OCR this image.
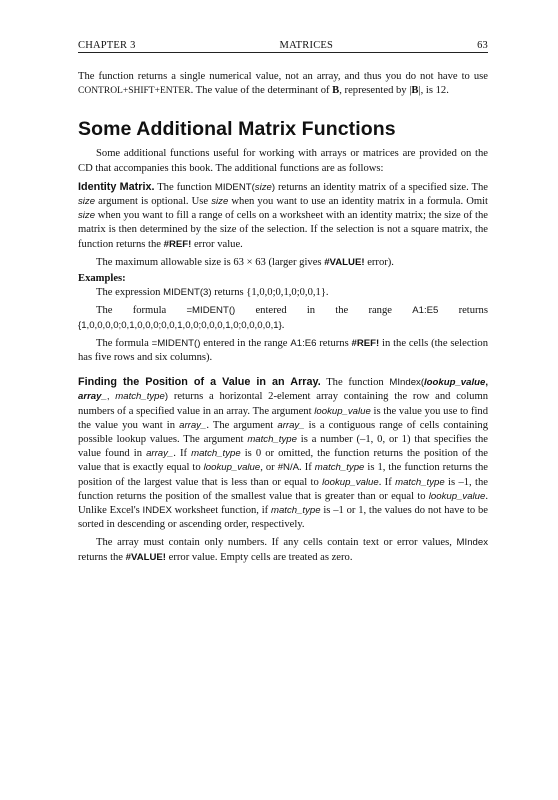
CHAPTER 3	MATRICES	63

The function returns a single numerical value, not an array, and thus you do not have to use CONTROL+SHIFT+ENTER. The value of the determinant of B, represented by |B|, is 12.

Some Additional Matrix Functions

Some additional functions useful for working with arrays or matrices are provided on the CD that accompanies this book. The additional functions are as follows:

Identity Matrix. The function MIDENT(size) returns an identity matrix of a specified size. The size argument is optional. Use size when you want to use an identity matrix in a formula. Omit size when you want to fill a range of cells on a worksheet with an identity matrix; the size of the matrix is then determined by the size of the selection. If the selection is not a square matrix, the function returns the #REF! error value.

The maximum allowable size is 63 × 63 (larger gives #VALUE! error).

Examples:

The expression MIDENT(3) returns {1,0,0;0,1,0;0,0,1}.

The formula =MIDENT() entered in the range A1:E5 returns {1,0,0,0,0;0,1,0,0,0;0,0,1,0,0;0,0,0,1,0;0,0,0,0,1}.

The formula =MIDENT() entered in the range A1:E6 returns #REF! in the cells (the selection has five rows and six columns).

Finding the Position of a Value in an Array. The function MIndex(lookup_value, array_, match_type) returns a horizontal 2-element array containing the row and column numbers of a specified value in an array. The argument lookup_value is the value you use to find the value you want in array_. The argument array_ is a contiguous range of cells containing possible lookup values. The argument match_type is a number (–1, 0, or 1) that specifies the value found in array_. If match_type is 0 or omitted, the function returns the position of the value that is exactly equal to lookup_value, or #N/A. If match_type is 1, the function returns the position of the largest value that is less than or equal to lookup_value. If match_type is –1, the function returns the position of the smallest value that is greater than or equal to lookup_value. Unlike Excel's INDEX worksheet function, if match_type is –1 or 1, the values do not have to be sorted in descending or ascending order, respectively.

The array must contain only numbers. If any cells contain text or error values, MIndex returns the #VALUE! error value. Empty cells are treated as zero.
